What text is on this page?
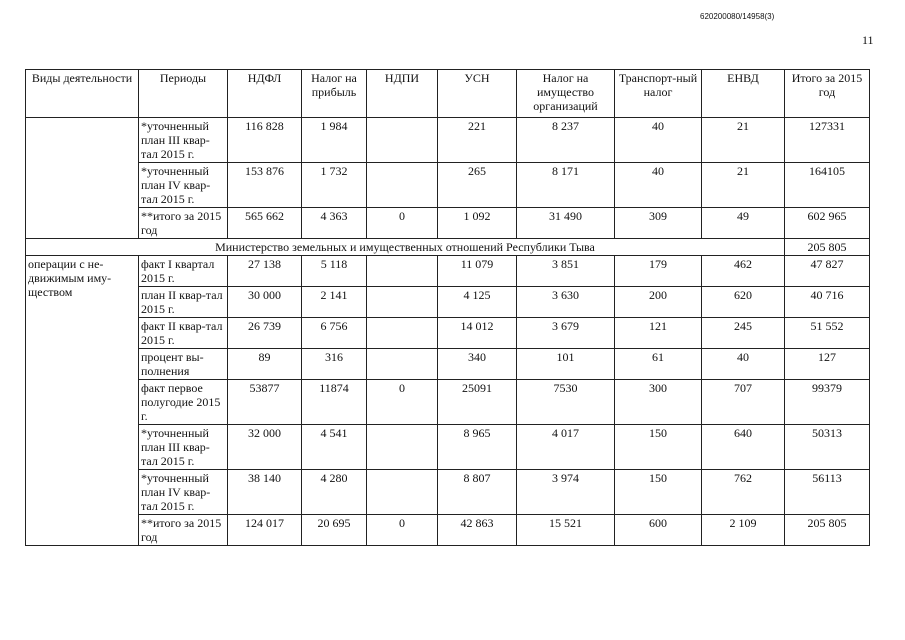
620200080/14958(3)
11
Виды деятельности	Периоды	НДФЛ	Налог на прибыль	НДПИ	УСН	Налог на имущество организаций	Транспорт-ный налог	ЕНВД	Итого за 2015 год
	*уточненный план III квар-тал 2015 г.	116 828	1 984		221	8 237	40	21	127331
	*уточненный план IV квар-тал 2015 г.	153 876	1 732		265	8 171	40	21	164105
	**итого за 2015 год	565 662	4 363	0	1 092	31 490	309	49	602 965
Министерство земельных и имущественных отношений Республики Тыва									205 805
операции с не-движимым иму-ществом	факт I квартал 2015 г.	27 138	5 118		11 079	3 851	179	462	47 827
	план II квар-тал 2015 г.	30 000	2 141		4 125	3 630	200	620	40 716
	факт II квар-тал 2015 г.	26 739	6 756		14 012	3 679	121	245	51 552
	процент вы-полнения	89	316		340	101	61	40	127
	факт первое полугодие 2015 г.	53877	11874	0	25091	7530	300	707	99379
	*уточненный план III квар-тал 2015 г.	32 000	4 541		8 965	4 017	150	640	50313
	*уточненный план IV квар-тал 2015 г.	38 140	4 280		8 807	3 974	150	762	56113
	**итого за 2015 год	124 017	20 695	0	42 863	15 521	600	2 109	205 805
